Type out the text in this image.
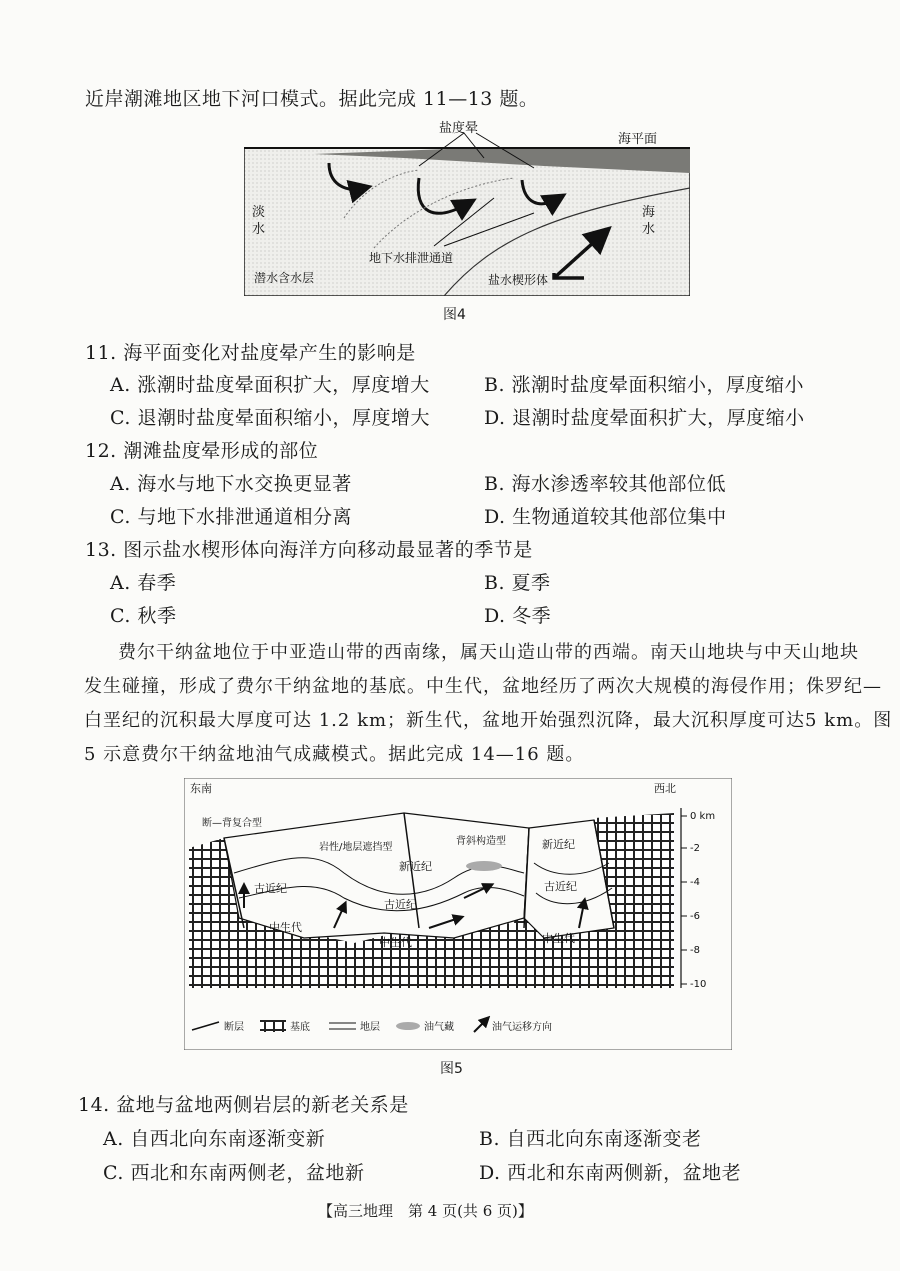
近岸潮滩地区地下河口模式。据此完成 11—13 题。
盐度晕
海平面
淡
水
海
水
地下水排泄通道
潜水含水层	盐水楔形体
图4
11. 海平面变化对盐度晕产生的影响是
A. 涨潮时盐度晕面积扩大，厚度增大	B. 涨潮时盐度晕面积缩小，厚度缩小
C. 退潮时盐度晕面积缩小，厚度增大	D. 退潮时盐度晕面积扩大，厚度缩小
12. 潮滩盐度晕形成的部位
A. 海水与地下水交换更显著	B. 海水渗透率较其他部位低
C. 与地下水排泄通道相分离	D. 生物通道较其他部位集中
13. 图示盐水楔形体向海洋方向移动最显著的季节是
A. 春季	B. 夏季
C. 秋季	D. 冬季
费尔干纳盆地位于中亚造山带的西南缘，属天山造山带的西端。南天山地块与中天山地块
发生碰撞，形成了费尔干纳盆地的基底。中生代，盆地经历了两次大规模的海侵作用；侏罗纪—
白垩纪的沉积最大厚度可达 1.2 km；新生代，盆地开始强烈沉降，最大沉积厚度可达5 km。图
5 示意费尔干纳盆地油气成藏模式。据此完成 14—16 题。
东南	西北
断—背复合型
岩性/地层遮挡型
背斜构造型
新近纪
新近纪
古近纪
古近纪
古近纪
中生代
中生代	中生代
0 km
-2
-4
-6
-8
-10
断层	基底	地层	油气藏	油气运移方向
图5
14. 盆地与盆地两侧岩层的新老关系是
A. 自西北向东南逐渐变新	B. 自西北向东南逐渐变老
C. 西北和东南两侧老，盆地新	D. 西北和东南两侧新，盆地老
【高三地理　第 4 页(共 6 页)】
